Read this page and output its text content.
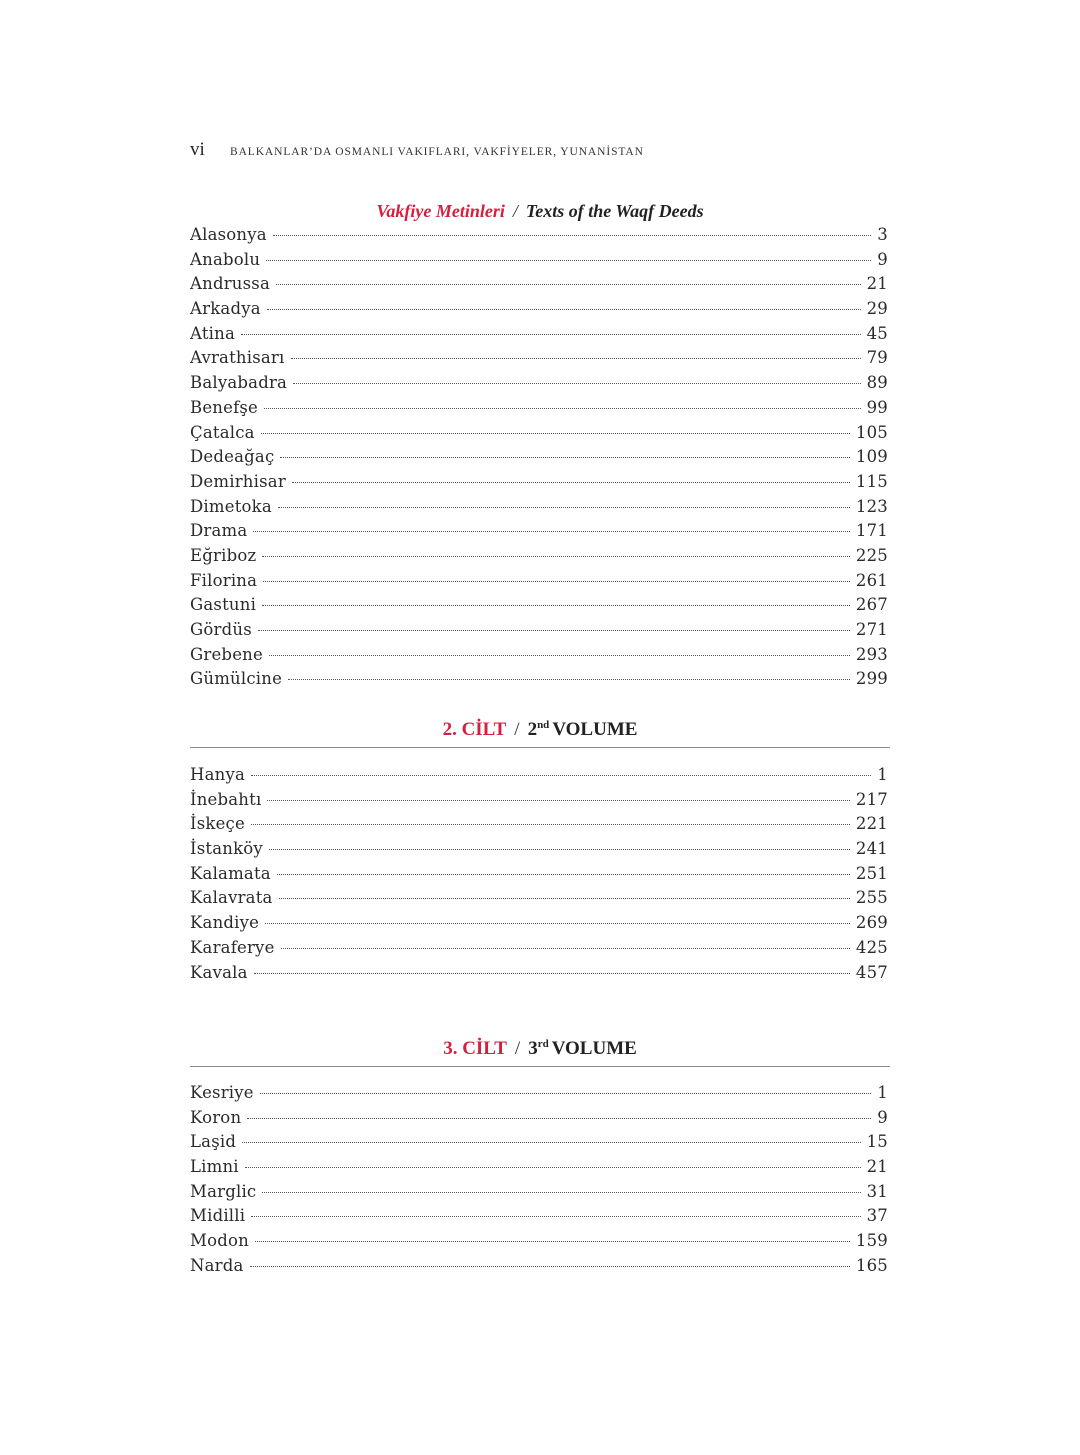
vi	BALKANLAR’DA OSMANLI VAKIFLARI, VAKFİYELER, YUNANİSTAN
Vakfiye Metinleri / Texts of the Waqf Deeds
Alasonya	3
Anabolu	9
Andrussa	21
Arkadya	29
Atina	45
Avrathisarı	79
Balyabadra	89
Benefşe	99
Çatalca	105
Dedeağaç	109
Demirhisar	115
Dimetoka	123
Drama	171
Eğriboz	225
Filorina	261
Gastuni	267
Gördüs	271
Grebene	293
Gümülcine	299
2. CİLT / 2nd VOLUME
Hanya	1
İnebahtı	217
İskeçe	221
İstanköy	241
Kalamata	251
Kalavrata	255
Kandiye	269
Karaferye	425
Kavala	457
3. CİLT / 3rd VOLUME
Kesriye	1
Koron	9
Laşid	15
Limni	21
Marglic	31
Midilli	37
Modon	159
Narda	165
